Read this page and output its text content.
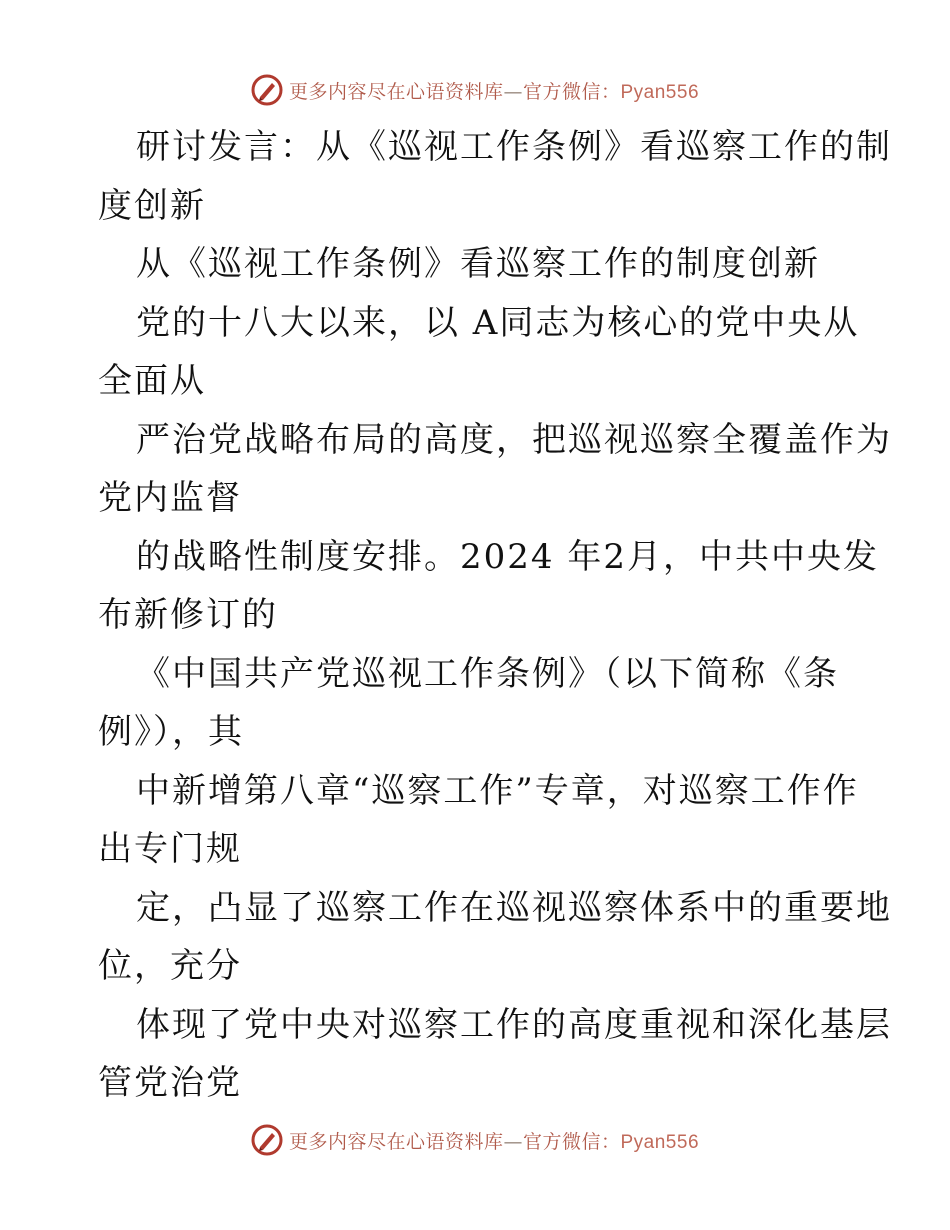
更多内容尽在心语资料库—官方微信：Pyan556
研讨发言：从《巡视工作条例》看巡察工作的制
度创新
从《巡视工作条例》看巡察工作的制度创新
党的十八大以来，以 A同志为核心的党中央从
全面从
严治党战略布局的高度，把巡视巡察全覆盖作为
党内监督
的战略性制度安排。2024 年2月，中共中央发
布新修订的
《中国共产党巡视工作条例》（以下简称《条
例》），其
中新增第八章“巡察工作”专章，对巡察工作作
出专门规
定，凸显了巡察工作在巡视巡察体系中的重要地
位，充分
体现了党中央对巡察工作的高度重视和深化基层
管党治党
更多内容尽在心语资料库—官方微信：Pyan556
